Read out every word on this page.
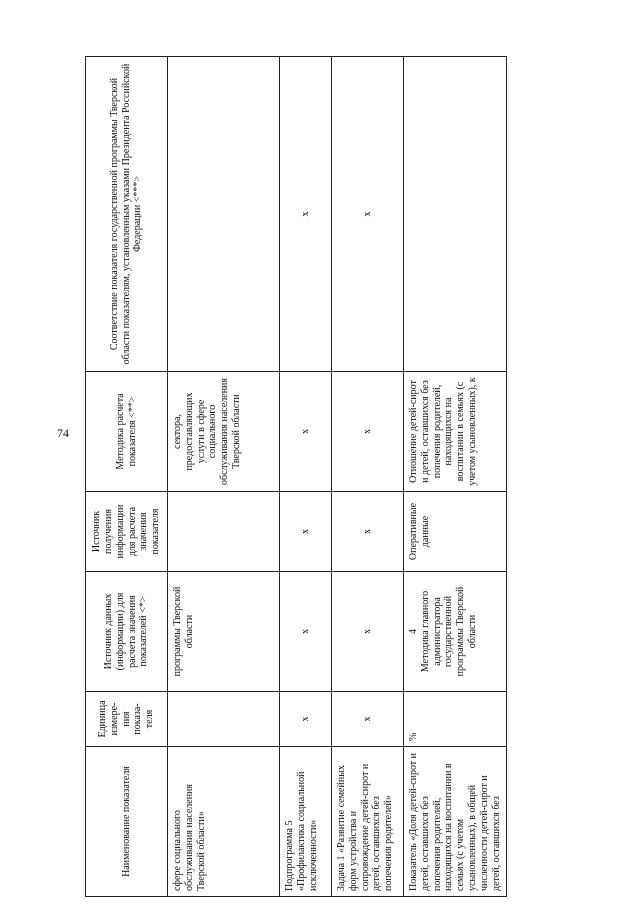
74
Наименование показателя	Единица измере-ния показа-теля	Источник данных (информации) для расчета значения показателей <*>	Источник получения информации для расчета значения показателя	Методика расчета показателя <**>	Соответствие показателя государственной программы Тверской области показателям, установленным указами Президента Российской Федерации <***>
сфере социального обслуживания населения Тверской области»		программы Тверской области		сектора, предоставляющих услуги в сфере социального обслуживания населения Тверской области	
Подпрограмма 5 «Профилактика социальной исключенности»	х	х	х	х	х
Задача 1 «Развитие семейных форм устройства и сопровождение детей-сирот и детей, оставшихся без попечения родителей»	х	х	х	х	х
Показатель «Доля детей-сирот и детей, оставшихся без попечения родителей, находящихся на воспитании в семьях (с учетом усыновленных), в общей численности детей-сирот и детей, оставшихся без	%	4 Методика главного администратора государственной программы Тверской области	Оперативные данные	Отношение детей-сирот и детей, оставшихся без попечения родителей, находящихся на воспитании в семьях (с учетом усыновленных), к	
